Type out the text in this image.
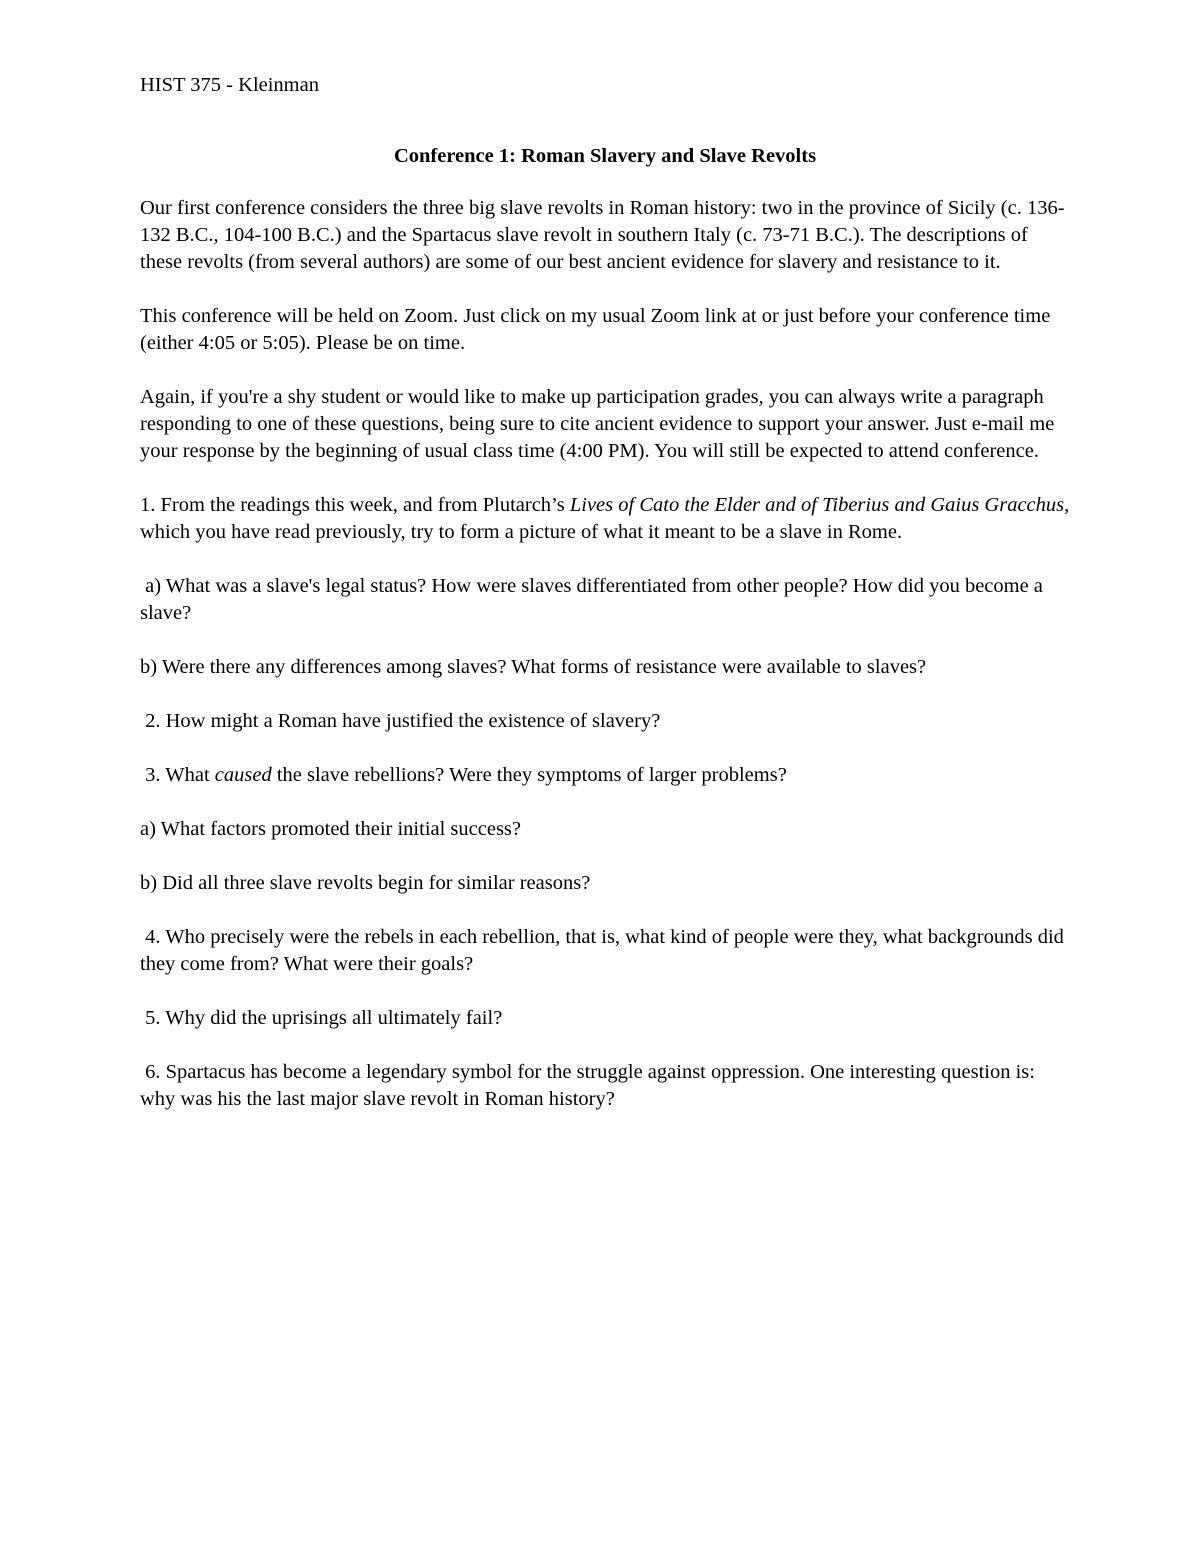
HIST 375 - Kleinman
Conference 1: Roman Slavery and Slave Revolts

Our first conference considers the three big slave revolts in Roman history: two in the province of Sicily (c. 136-132 B.C., 104-100 B.C.) and the Spartacus slave revolt in southern Italy (c. 73-71 B.C.). The descriptions of these revolts (from several authors) are some of our best ancient evidence for slavery and resistance to it.

This conference will be held on Zoom. Just click on my usual Zoom link at or just before your conference time (either 4:05 or 5:05). Please be on time.

Again, if you're a shy student or would like to make up participation grades, you can always write a paragraph responding to one of these questions, being sure to cite ancient evidence to support your answer. Just e-mail me your response by the beginning of usual class time (4:00 PM). You will still be expected to attend conference.

1. From the readings this week, and from Plutarch’s Lives of Cato the Elder and of Tiberius and Gaius Gracchus, which you have read previously, try to form a picture of what it meant to be a slave in Rome.
a) What was a slave's legal status? How were slaves differentiated from other people? How did you become a slave?
b) Were there any differences among slaves? What forms of resistance were available to slaves?
2. How might a Roman have justified the existence of slavery?
3. What caused the slave rebellions? Were they symptoms of larger problems?
a) What factors promoted their initial success?
b) Did all three slave revolts begin for similar reasons?
4. Who precisely were the rebels in each rebellion, that is, what kind of people were they, what backgrounds did they come from? What were their goals?
5. Why did the uprisings all ultimately fail?
6. Spartacus has become a legendary symbol for the struggle against oppression. One interesting question is: why was his the last major slave revolt in Roman history?
